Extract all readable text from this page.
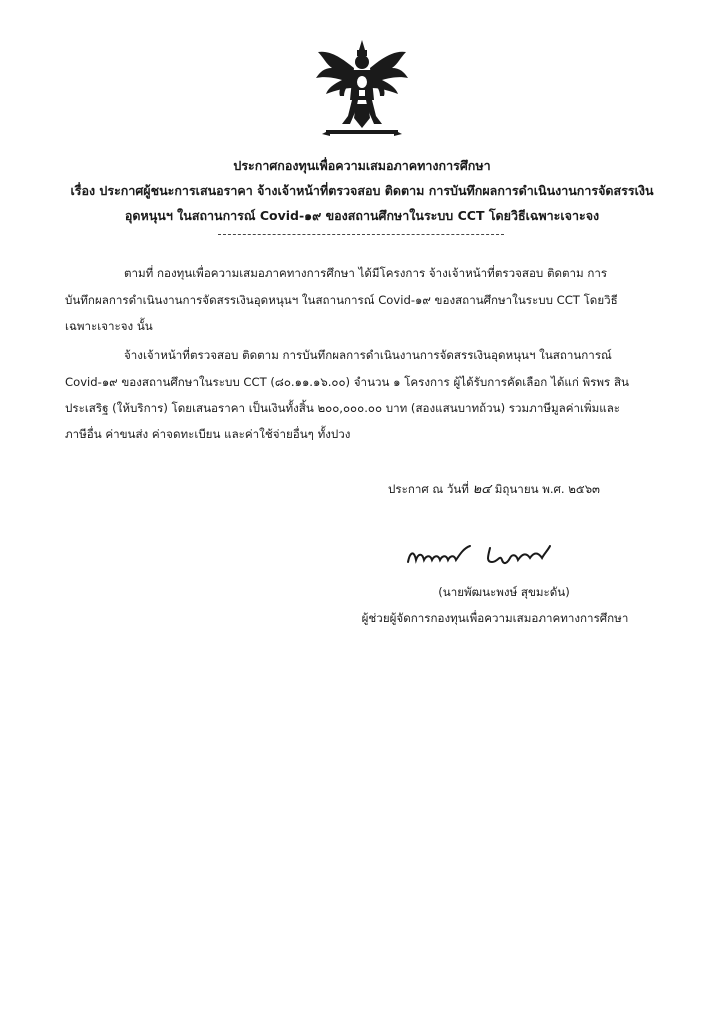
ประกาศกองทุนเพื่อความเสมอภาคทางการศึกษา
เรื่อง ประกาศผู้ชนะการเสนอราคา จ้างเจ้าหน้าที่ตรวจสอบ ติดตาม การบันทึกผลการดำเนินงานการจัดสรรเงิน
อุดหนุนฯ ในสถานการณ์ Covid-๑๙ ของสถานศึกษาในระบบ CCT โดยวิธีเฉพาะเจาะจง
ตามที่ กองทุนเพื่อความเสมอภาคทางการศึกษา ได้มีโครงการ จ้างเจ้าหน้าที่ตรวจสอบ ติดตาม การ
บันทึกผลการดำเนินงานการจัดสรรเงินอุดหนุนฯ ในสถานการณ์ Covid-๑๙ ของสถานศึกษาในระบบ CCT โดยวิธี
เฉพาะเจาะจง นั้น
จ้างเจ้าหน้าที่ตรวจสอบ ติดตาม การบันทึกผลการดำเนินงานการจัดสรรเงินอุดหนุนฯ ในสถานการณ์
Covid-๑๙ ของสถานศึกษาในระบบ CCT (๘๐.๑๑.๑๖.๐๐) จำนวน ๑ โครงการ ผู้ได้รับการคัดเลือก ได้แก่ พิรพร สิน
ประเสริฐ (ให้บริการ) โดยเสนอราคา เป็นเงินทั้งสิ้น ๒๐๐,๐๐๐.๐๐ บาท (สองแสนบาทถ้วน) รวมภาษีมูลค่าเพิ่มและ
ภาษีอื่น ค่าขนส่ง ค่าจดทะเบียน และค่าใช้จ่ายอื่นๆ ทั้งปวง
ประกาศ ณ วันที่ ๒๔ มิถุนายน พ.ศ. ๒๕๖๓
(นายพัฒนะพงษ์ สุขมะดัน)
ผู้ช่วยผู้จัดการกองทุนเพื่อความเสมอภาคทางการศึกษา
